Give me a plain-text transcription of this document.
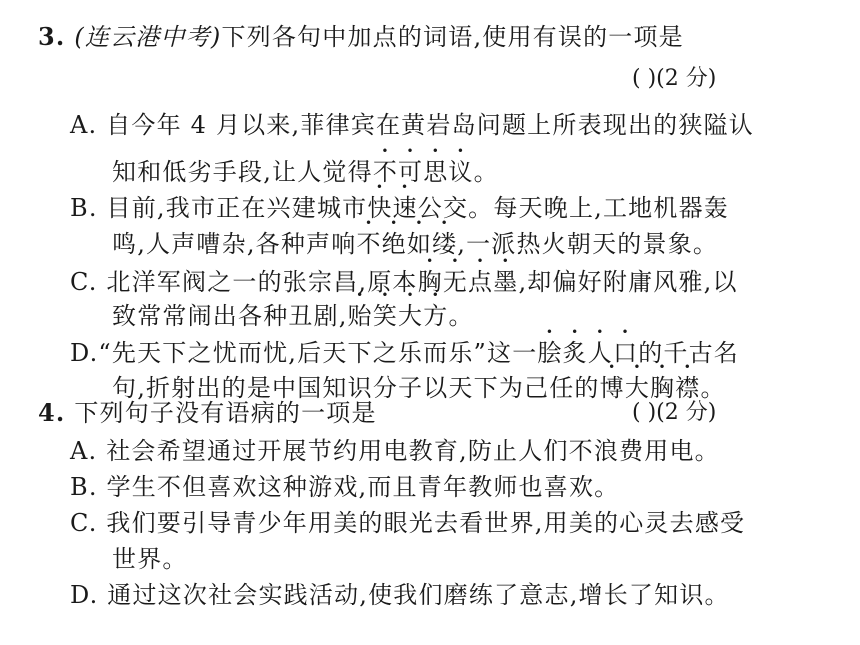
3. (连云港中考)下列各句中加点的词语,使用有误的一项是
( )(2 分)
A. 自今年 4 月以来,菲律宾在黄岩岛问题上所表现出的狭隘认
知和低劣手段,让人觉得不可思议。
B. 目前,我市正在兴建城市快速公交。每天晚上,工地机器轰
鸣,人声嘈杂,各种声响不绝如缕,一派热火朝天的景象。
C. 北洋军阀之一的张宗昌,原本胸无点墨,却偏好附庸风雅,以
致常常闹出各种丑剧,贻笑大方。
D.“先天下之忧而忧,后天下之乐而乐”这一脍炙人口的千古名
句,折射出的是中国知识分子以天下为己任的博大胸襟。
4. 下列句子没有语病的一项是	( )(2 分)
A. 社会希望通过开展节约用电教育,防止人们不浪费用电。
B. 学生不但喜欢这种游戏,而且青年教师也喜欢。
C. 我们要引导青少年用美的眼光去看世界,用美的心灵去感受
世界。
D. 通过这次社会实践活动,使我们磨练了意志,增长了知识。
